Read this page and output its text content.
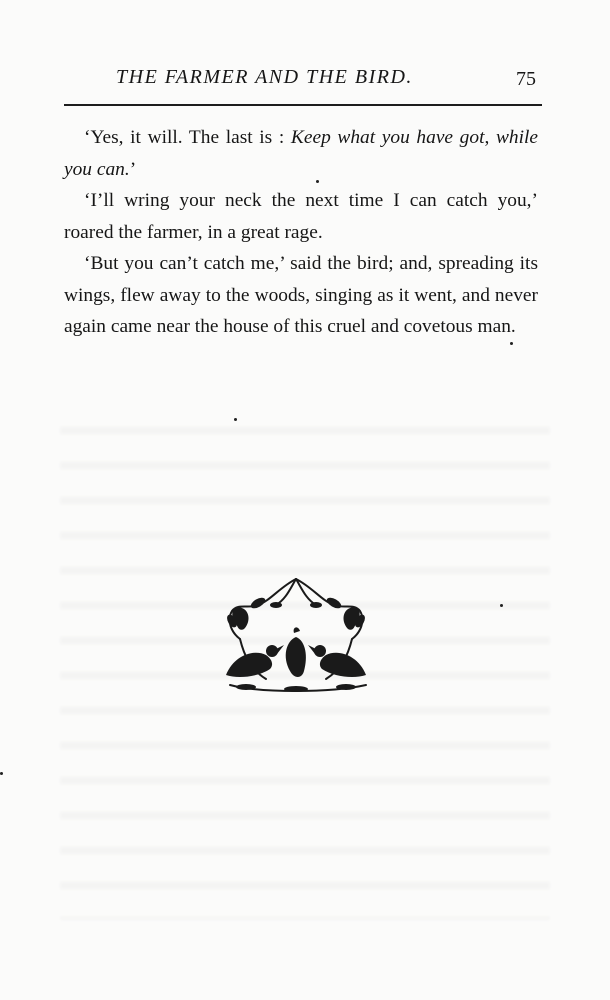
THE FARMER AND THE BIRD.	75

‘Yes, it will. The last is : Keep what you have got, while you can.’

‘I’ll wring your neck the next time I can catch you,’ roared the farmer, in a great rage.

‘But you can’t catch me,’ said the bird; and, spreading its wings, flew away to the woods, singing as it went, and never again came near the house of this cruel and covetous man.
